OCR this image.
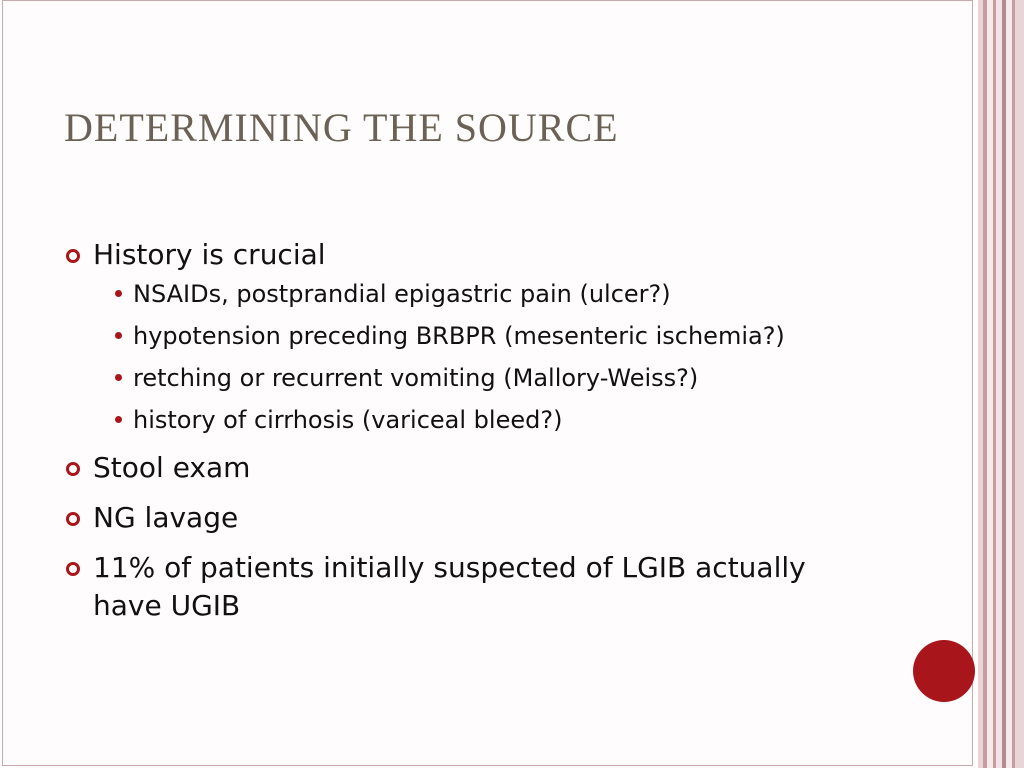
DETERMINING THE SOURCE
History is crucial
NSAIDs, postprandial epigastric pain (ulcer?)
hypotension preceding BRBPR (mesenteric ischemia?)
retching or recurrent vomiting (Mallory-Weiss?)
history of cirrhosis (variceal bleed?)
Stool exam
NG lavage
11% of patients initially suspected of LGIB actually have UGIB
